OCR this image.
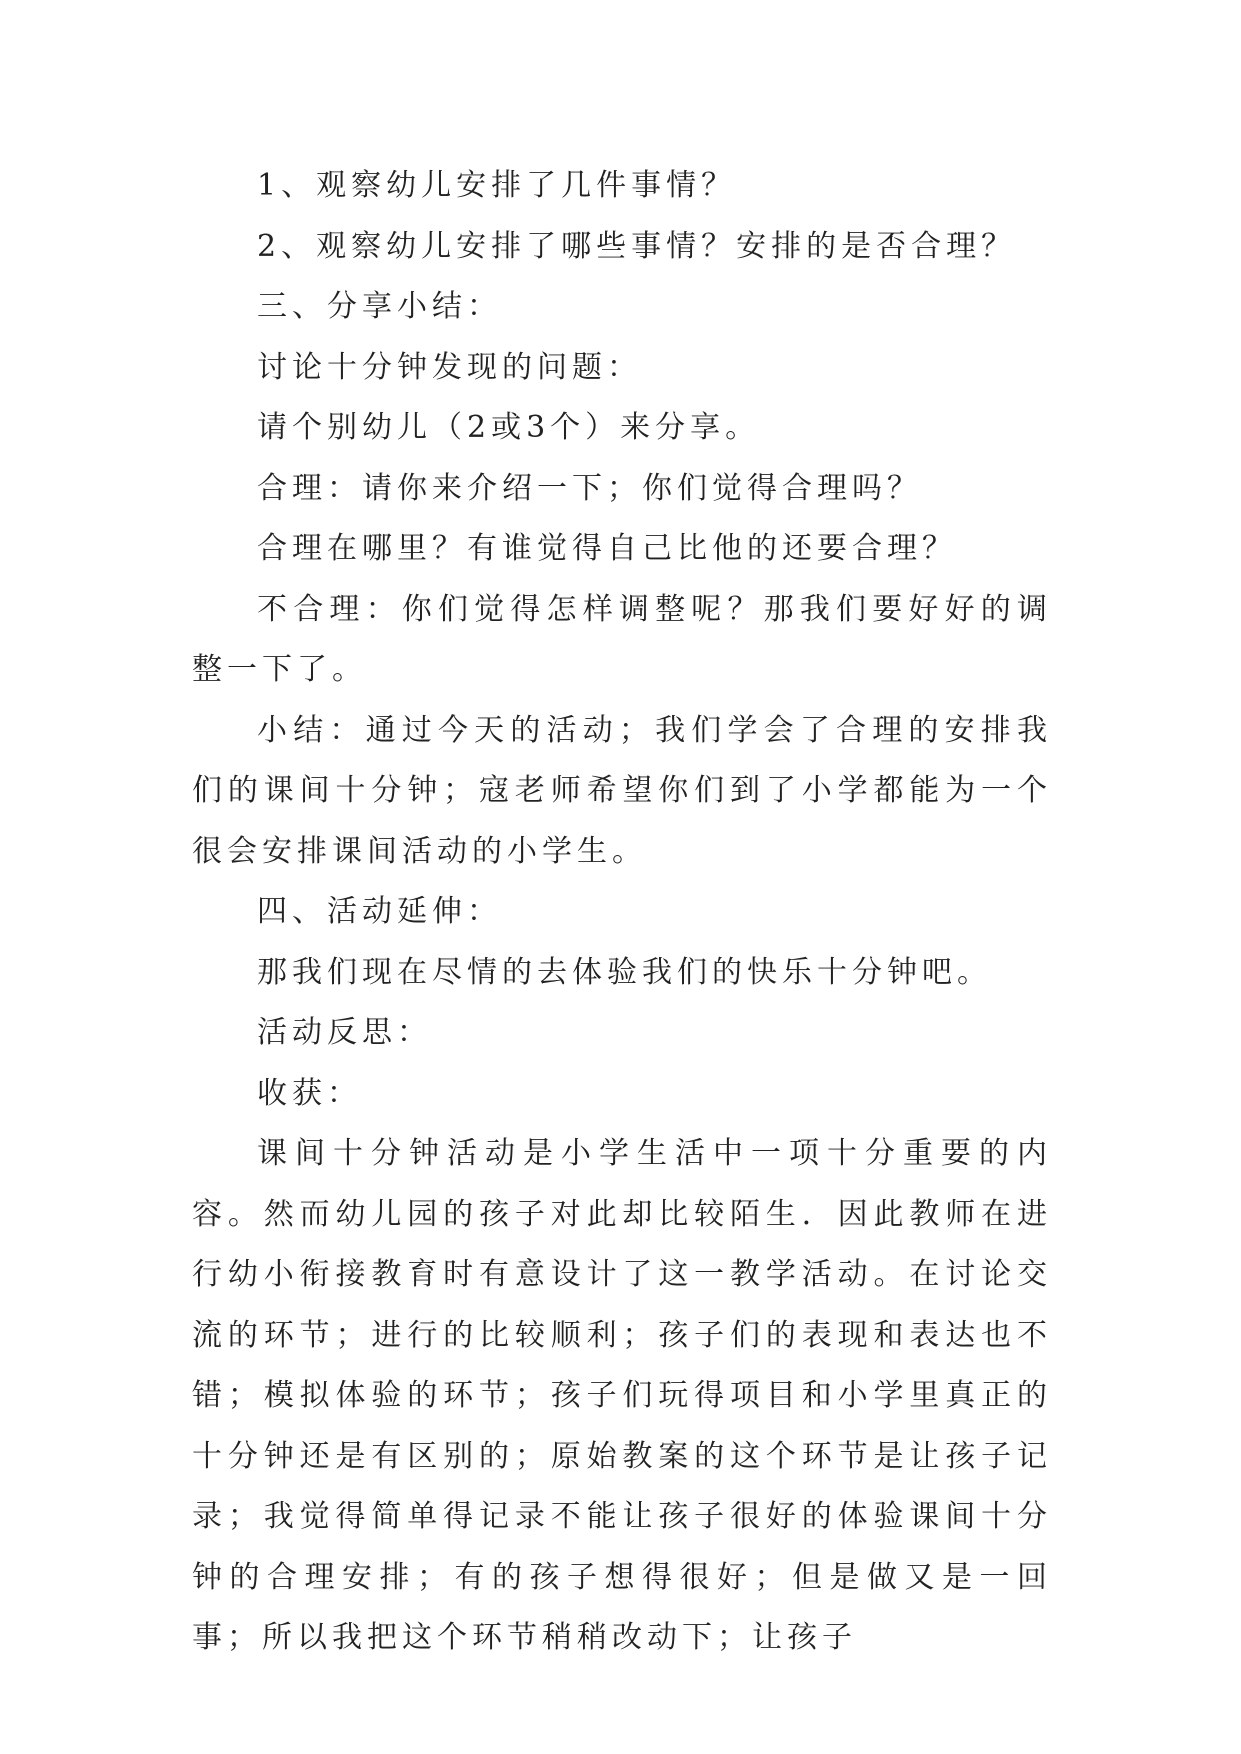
1、观察幼儿安排了几件事情？

2、观察幼儿安排了哪些事情？安排的是否合理？

三、分享小结：

讨论十分钟发现的问题：

请个别幼儿（2或3个）来分享。

合理：请你来介绍一下；你们觉得合理吗？

合理在哪里？有谁觉得自己比他的还要合理？

不合理：你们觉得怎样调整呢？那我们要好好的调整一下了。

小结：通过今天的活动；我们学会了合理的安排我们的课间十分钟；寇老师希望你们到了小学都能为一个很会安排课间活动的小学生。

四、活动延伸：

那我们现在尽情的去体验我们的快乐十分钟吧。

活动反思：

收获：

课间十分钟活动是小学生活中一项十分重要的内容。然而幼儿园的孩子对此却比较陌生．因此教师在进行幼小衔接教育时有意设计了这一教学活动。在讨论交流的环节；进行的比较顺利；孩子们的表现和表达也不错；模拟体验的环节；孩子们玩得项目和小学里真正的十分钟还是有区别的；原始教案的这个环节是让孩子记录；我觉得简单得记录不能让孩子很好的体验课间十分钟的合理安排；有的孩子想得很好；但是做又是一回事；所以我把这个环节稍稍改动下；让孩子
